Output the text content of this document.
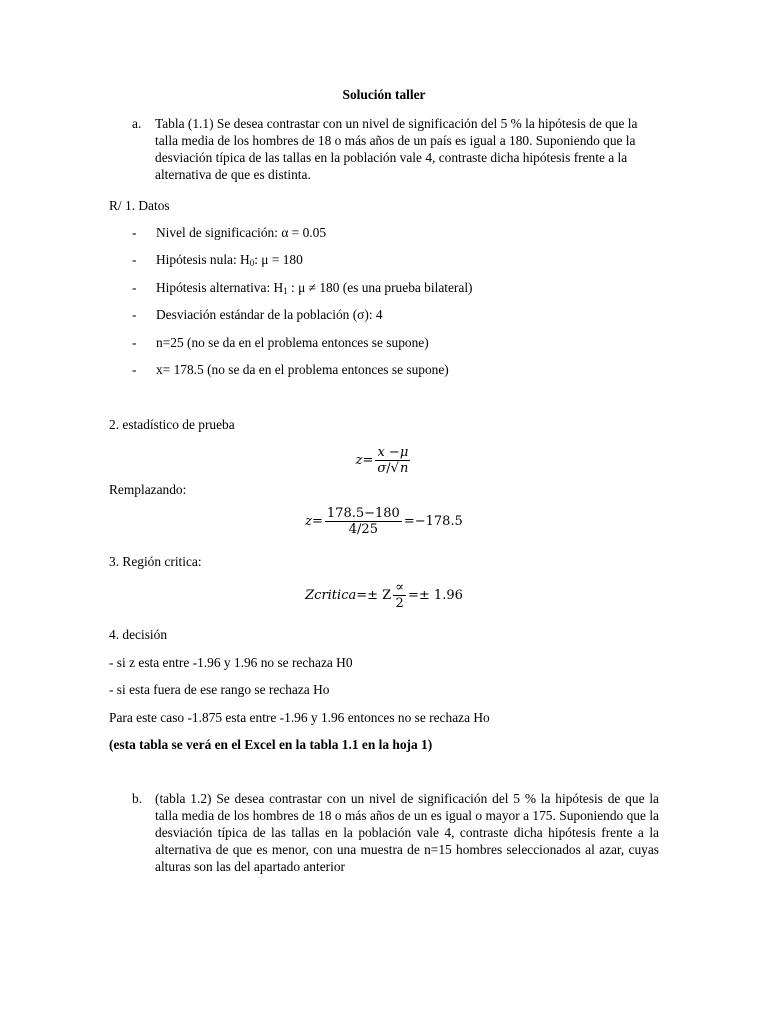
Solución taller
a.	Tabla (1.1) Se desea contrastar con un nivel de significación del 5 % la hipótesis de que la talla media de los hombres de 18 o más años de un país es igual a 180. Suponiendo que la desviación típica de las tallas en la población vale 4, contraste dicha hipótesis frente a la alternativa de que es distinta.
R/ 1. Datos
-	Nivel de significación: α = 0.05
-	Hipótesis nula: $H_0$: μ = 180
-	Hipótesis alternativa: $H_1$ : μ ≠ 180 (es una prueba bilateral)
-	Desviación estándar de la población (σ): 4
-	n=25 (no se da en el problema entonces se supone)
-	x= 178.5 (no se da en el problema entonces se supone)
2. estadístico de prueba
$z= \frac{x -\mu}{\sigma/√n}$
Remplazando:
$z= \frac{178.5-180}{4/25} =-178.5$
3. Región critica:
Zcritica=± Z $\frac{\propto}{2} =\pm 1.96$
4. decisión
- si z esta entre -1.96 y 1.96 no se rechaza H0
- si esta fuera de ese rango se rechaza Ho
Para este caso -1.875 esta entre -1.96 y 1.96 entonces no se rechaza Ho
(esta tabla se verá en el Excel en la tabla 1.1 en la hoja 1)
b. (tabla 1.2) Se desea contrastar con un nivel de significación del 5 % la hipótesis de que la talla media de los hombres de 18 o más años de un es igual o mayor a 175. Suponiendo que la desviación típica de las tallas en la población vale 4, contraste dicha hipótesis frente a la alternativa de que es menor, con una muestra de n=15 hombres seleccionados al azar, cuyas alturas son las del apartado anterior
